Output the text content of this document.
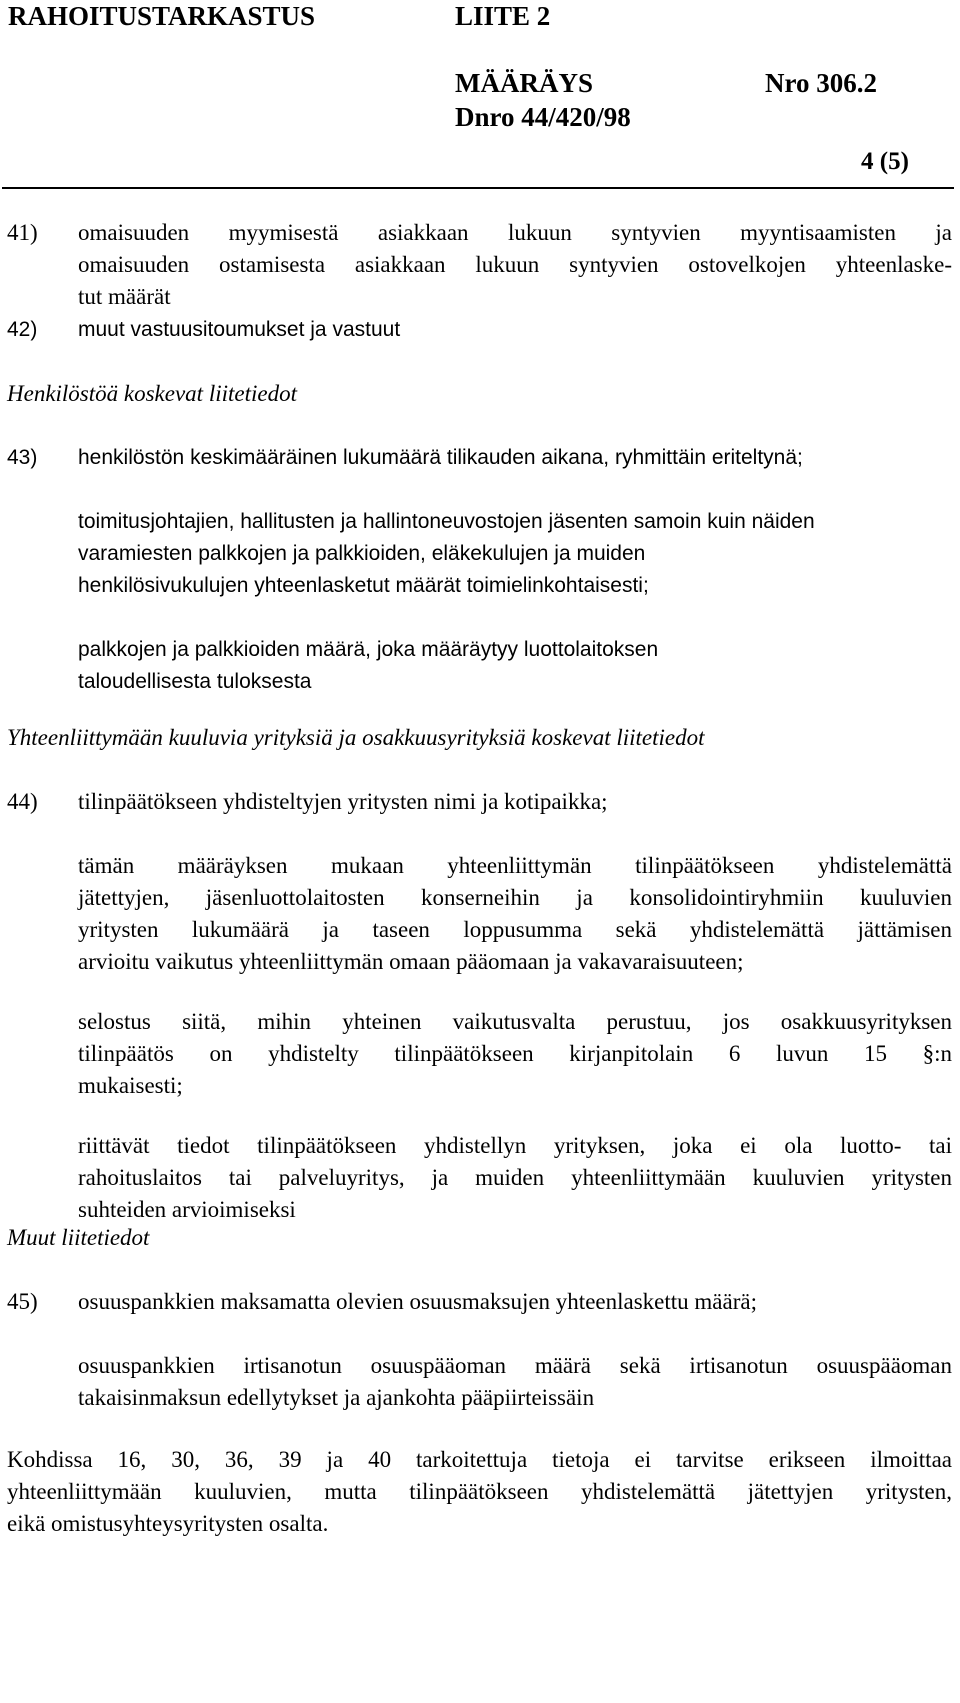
RAHOITUSTARKASTUS	LIITE 2
MÄÄRÄYS	Nro 306.2
Dnro 44/420/98
4 (5)
41) omaisuuden myymisestä asiakkaan lukuun syntyvien myyntisaamisten ja
omaisuuden ostamisesta asiakkaan lukuun syntyvien ostovelkojen yhteenlaske-
tut määrät
42) muut vastuusitoumukset ja vastuut
Henkilöstöä koskevat liitetiedot
43) henkilöstön keskimääräinen lukumäärä tilikauden aikana, ryhmittäin eriteltynä;
toimitusjohtajien, hallitusten ja hallintoneuvostojen jäsenten samoin kuin näiden
varamiesten palkkojen ja palkkioiden, eläkekulujen ja muiden
henkilösivukulujen yhteenlasketut määrät toimielinkohtaisesti;
palkkojen ja palkkioiden määrä, joka määräytyy luottolaitoksen
taloudellisesta tuloksesta
Yhteenliittymään kuuluvia yrityksiä ja osakkuusyrityksiä koskevat liitetiedot
44) tilinpäätökseen yhdisteltyjen yritysten nimi ja kotipaikka;
tämän määräyksen mukaan yhteenliittymän tilinpäätökseen yhdistelemättä
jätettyjen, jäsenluottolaitosten konserneihin ja konsolidointiryhmiin kuuluvien
yritysten lukumäärä ja taseen loppusumma sekä yhdistelemättä jättämisen
arvioitu vaikutus yhteenliittymän omaan pääomaan ja vakavaraisuuteen;
selostus siitä, mihin yhteinen vaikutusvalta perustuu, jos osakkuusyrityksen
tilinpäätös on yhdistelty tilinpäätökseen kirjanpitolain 6 luvun 15 §:n
mukaisesti;
riittävät tiedot tilinpäätökseen yhdistellyn yrityksen, joka ei ola luotto- tai
rahoituslaitos tai palveluyritys, ja muiden yhteenliittymään kuuluvien yritysten
suhteiden arvioimiseksi
Muut liitetiedot
45) osuuspankkien maksamatta olevien osuusmaksujen yhteenlaskettu määrä;
osuuspankkien irtisanotun osuuspääoman määrä sekä irtisanotun osuuspääoman
takaisinmaksun edellytykset ja ajankohta pääpiirteissäin
Kohdissa 16, 30, 36, 39 ja 40 tarkoitettuja tietoja ei tarvitse erikseen ilmoittaa
yhteenliittymään kuuluvien, mutta tilinpäätökseen yhdistelemättä jätettyjen yritysten,
eikä omistusyhteysyritysten osalta.
